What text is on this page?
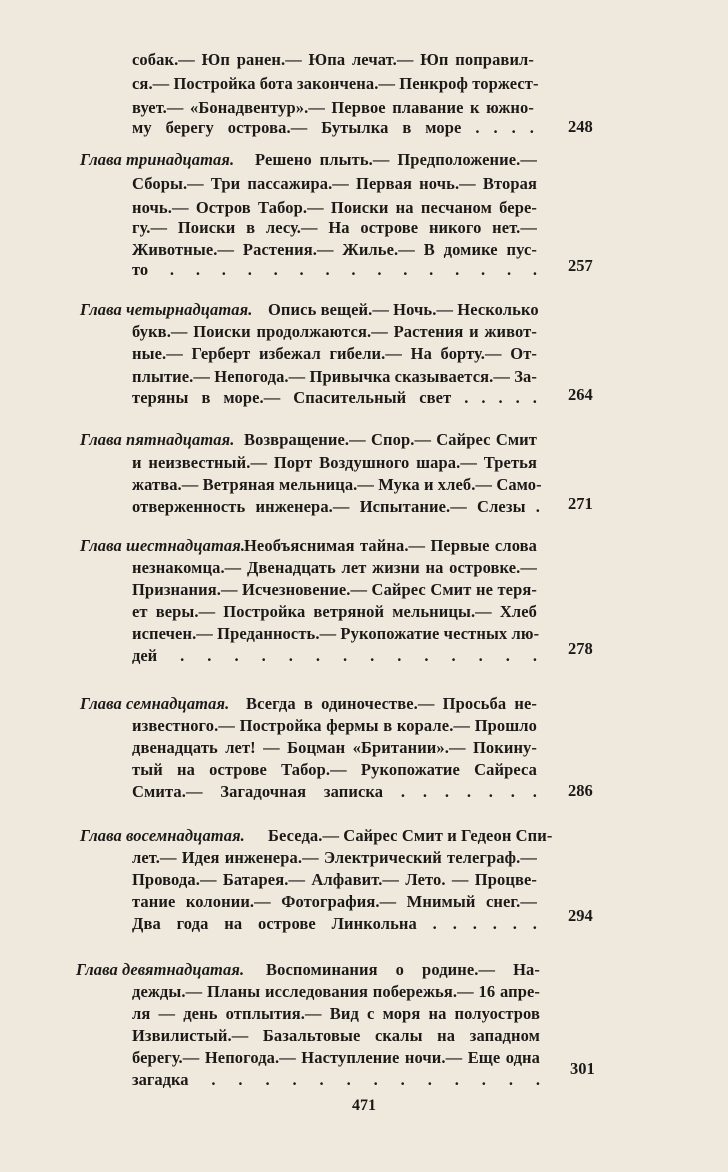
собак.— Юп ранен.— Юпа лечат.— Юп поправил-
ся.— Постройка бота закончена.— Пенкроф торжест-
вует.— «Бонадвентур».— Первое плавание к южно-
му берегу острова.— Бутылка в море . . . . 248
Глава тринадцатая. Решено плыть.— Предположение.—
Сборы.— Три пассажира.— Первая ночь.— Вторая
ночь.— Остров Табор.— Поиски на песчаном бере-
гу.— Поиски в лесу.— На острове никого нет.—
Животные.— Растения.— Жилье.— В домике пус-
то . . . . . . . . . . . . . . . 257
Глава четырнадцатая. Опись вещей.— Ночь.— Несколько
букв.— Поиски продолжаются.— Растения и живот-
ные.— Герберт избежал гибели.— На борту.— От-
плытие.— Непогода.— Привычка сказывается.— За-
теряны в море.— Спасительный свет . . . . . 264
Глава пятнадцатая. Возвращение.— Спор.— Сайрес Смит
и неизвестный.— Порт Воздушного шара.— Третья
жатва.— Ветряная мельница.— Мука и хлеб.— Само-
отверженность инженера.— Испытание.— Слезы . 271
Глава шестнадцатая.
Необъяснимая тайна.— Первые слова
незнакомца.— Двенадцать лет жизни на островке.—
Признания.— Исчезновение.— Сайрес Смит не теря-
ет веры.— Постройка ветряной мельницы.— Хлеб
испечен.— Преданность.— Рукопожатие честных лю-
дей . . . . . . . . . . . . . . 278
Глава семнадцатая. Всегда в одиночестве.— Просьба не-
известного.— Постройка фермы в корале.— Прошло
двенадцать лет! — Боцман «Британии».— Покину-
тый на острове Табор.— Рукопожатие Сайреса
Смита.— Загадочная записка . . . . . . . 286
Глава восемнадцатая. Беседа.— Сайрес Смит и Гедеон Спи-
лет.— Идея инженера.— Электрический телеграф.—
Провода.— Батарея.— Алфавит.— Лето. — Процве-
тание колонии.— Фотография.— Мнимый снег.—
Два года на острове Линкольна . . . . . . 294
Глава девятнадцатая. Воспоминания о родине.— На-
дежды.— Планы исследования побережья.— 16 апре-
ля — день отплытия.— Вид с моря на полуостров
Извилистый.— Базальтовые скалы на западном
берегу.— Непогода.— Наступление ночи.— Еще одна
загадка . . . . . . . . . . . . .
301
471
